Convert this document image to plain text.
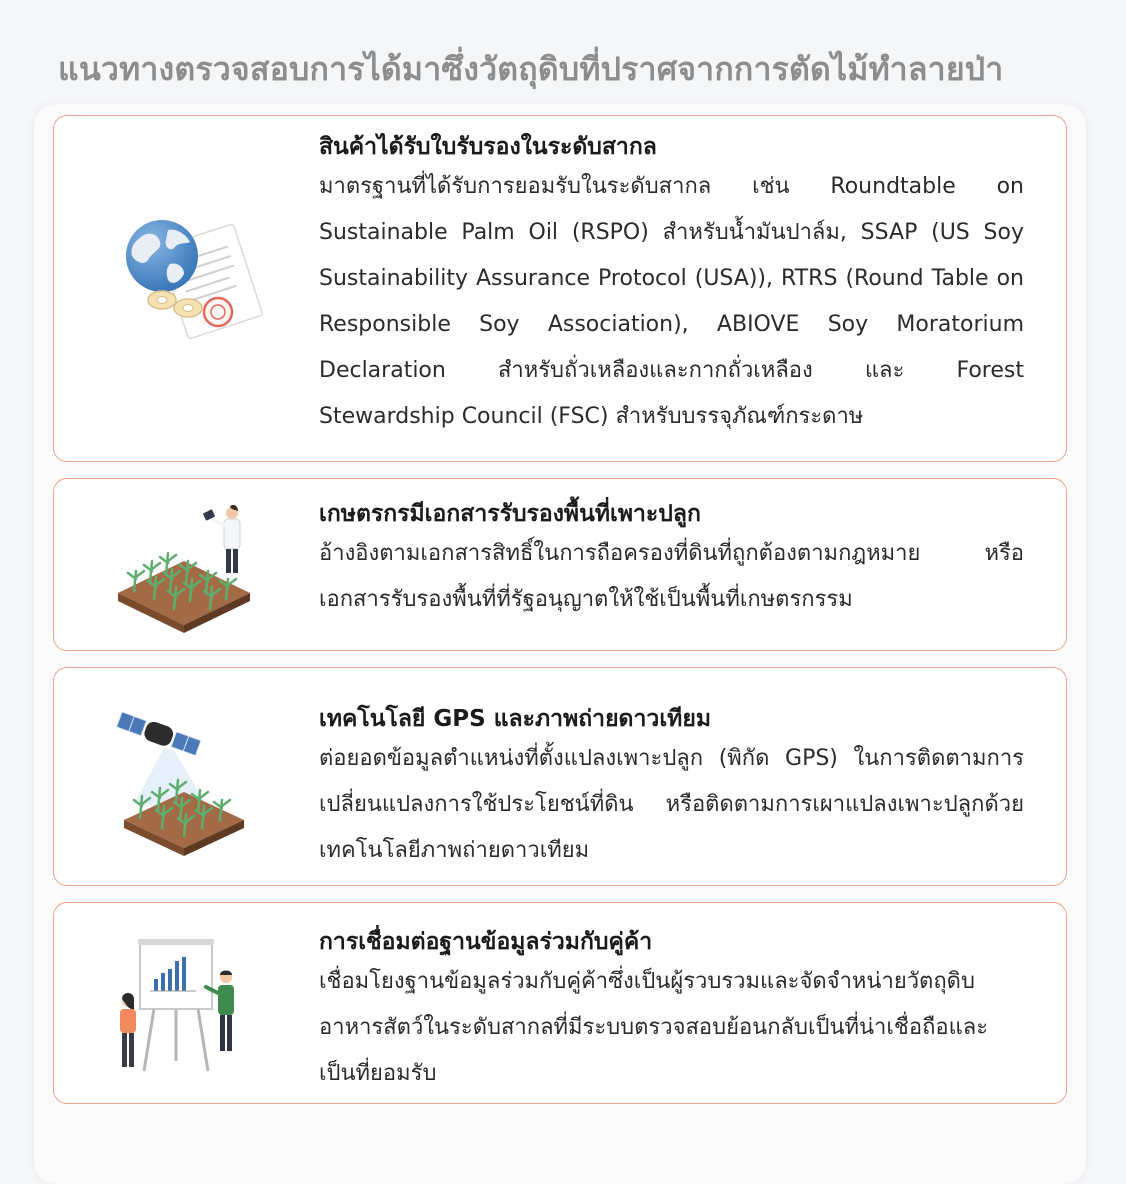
แนวทางตรวจสอบการได้มาซึ่งวัตถุดิบที่ปราศจากการตัดไม้ทำลายป่า
สินค้าได้รับใบรับรองในระดับสากล
มาตรฐานที่ได้รับการยอมรับในระดับสากล เช่น Roundtable on Sustainable Palm Oil (RSPO) สำหรับน้ำมันปาล์ม, SSAP (US Soy Sustainability Assurance Protocol (USA)), RTRS (Round Table on Responsible Soy Association), ABIOVE Soy Moratorium Declaration สำหรับถั่วเหลืองและกากถั่วเหลือง และ Forest Stewardship Council (FSC) สำหรับบรรจุภัณฑ์กระดาษ
เกษตรกรมีเอกสารรับรองพื้นที่เพาะปลูก
อ้างอิงตามเอกสารสิทธิ์ในการถือครองที่ดินที่ถูกต้องตามกฎหมาย หรือเอกสารรับรองพื้นที่ที่รัฐอนุญาตให้ใช้เป็นพื้นที่เกษตรกรรม
เทคโนโลยี GPS และภาพถ่ายดาวเทียม
ต่อยอดข้อมูลตำแหน่งที่ตั้งแปลงเพาะปลูก (พิกัด GPS) ในการติดตามการเปลี่ยนแปลงการใช้ประโยชน์ที่ดิน หรือติดตามการเผาแปลงเพาะปลูกด้วยเทคโนโลยีภาพถ่ายดาวเทียม
การเชื่อมต่อฐานข้อมูลร่วมกับคู่ค้า
เชื่อมโยงฐานข้อมูลร่วมกับคู่ค้าซึ่งเป็นผู้รวบรวมและจัดจำหน่ายวัตถุดิบอาหารสัตว์ในระดับสากลที่มีระบบตรวจสอบย้อนกลับเป็นที่น่าเชื่อถือและเป็นที่ยอมรับ
